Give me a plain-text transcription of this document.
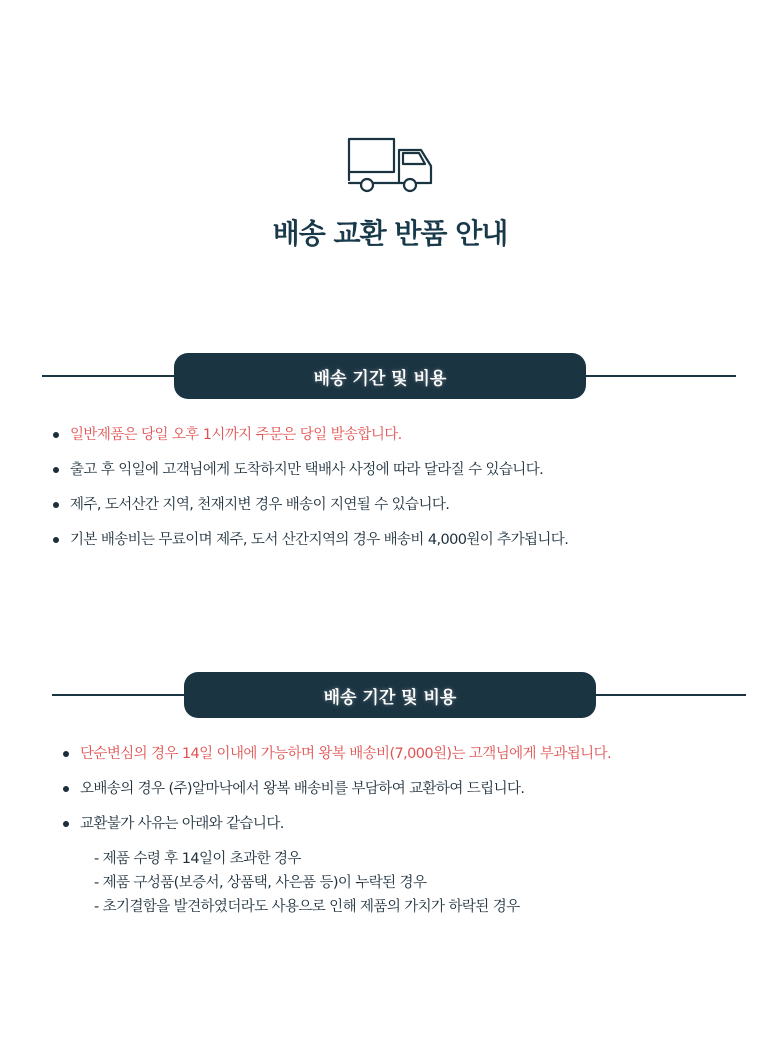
배송 교환 반품 안내
배송 기간 및 비용
일반제품은 당일 오후 1시까지 주문은 당일 발송합니다.
출고 후 익일에 고객님에게 도착하지만 택배사 사정에 따라 달라질 수 있습니다.
제주, 도서산간 지역, 천재지변 경우 배송이 지연될 수 있습니다.
기본 배송비는 무료이며 제주, 도서 산간지역의 경우 배송비 4,000원이 추가됩니다.
배송 기간 및 비용
단순변심의 경우 14일 이내에 가능하며 왕복 배송비(7,000원)는 고객님에게 부과됩니다.
오배송의 경우 (주)알마낙에서 왕복 배송비를 부담하여 교환하여 드립니다.
교환불가 사유는 아래와 같습니다.
- 제품 수령 후 14일이 초과한 경우
- 제품 구성품(보증서, 상품택, 사은품 등)이 누락된 경우
- 초기결함을 발견하였더라도 사용으로 인해 제품의 가치가 하락된 경우
